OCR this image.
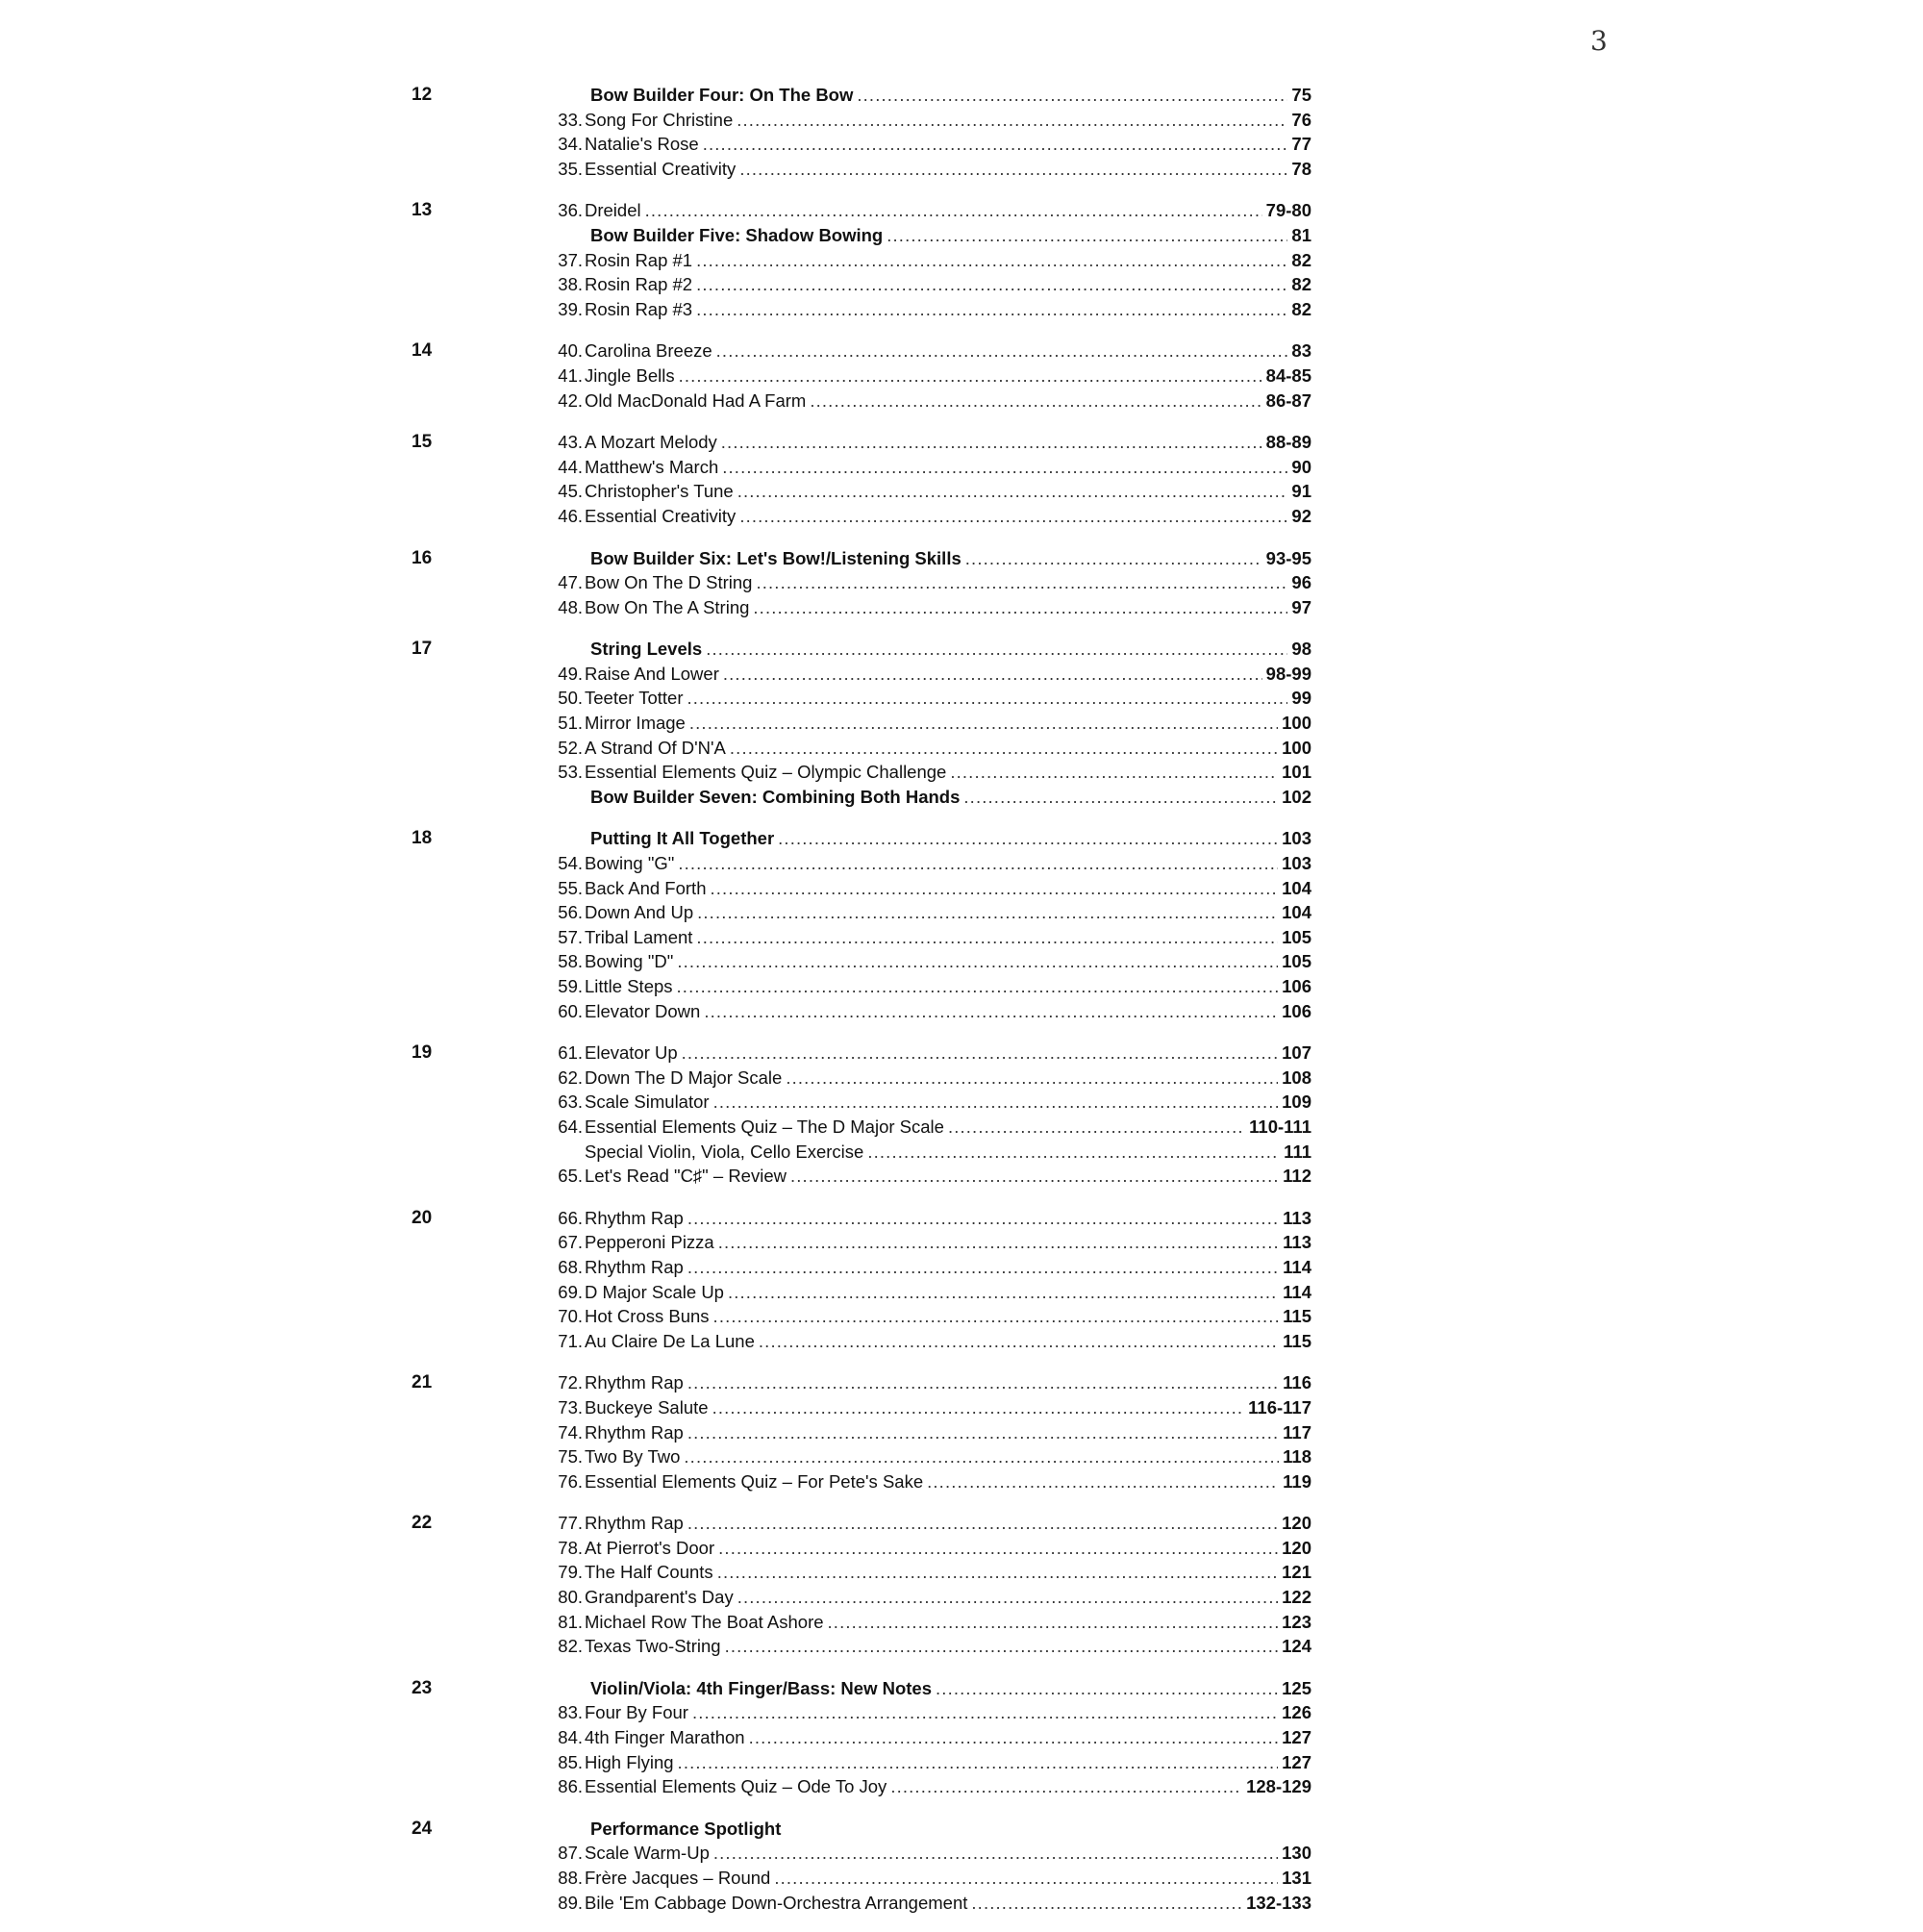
3
12	Bow Builder Four: On The Bow . . .	75
33. Song For Christine . . .	76
34. Natalie's Rose . . .	77
35. Essential Creativity . . .	78
13	36. Dreidel . . .	79-80
Bow Builder Five: Shadow Bowing . . .	81
37. Rosin Rap #1 . . .	82
38. Rosin Rap #2 . . .	82
39. Rosin Rap #3 . . .	82
14	40. Carolina Breeze . . .	83
41. Jingle Bells . . .	84-85
42. Old MacDonald Had A Farm . . .	86-87
15	43. A Mozart Melody . . .	88-89
44. Matthew's March . . .	90
45. Christopher's Tune . . .	91
46. Essential Creativity . . .	92
16	Bow Builder Six: Let's Bow!/Listening Skills . . .	93-95
47. Bow On The D String . . .	96
48. Bow On The A String . . .	97
17	String Levels . . .	98
49. Raise And Lower . . .	98-99
50. Teeter Totter . . .	99
51. Mirror Image . . .	100
52. A Strand Of D'N'A . . .	100
53. Essential Elements Quiz – Olympic Challenge . . .	101
Bow Builder Seven: Combining Both Hands . . .	102
18	Putting It All Together . . .	103
54. Bowing "G" . . .	103
55. Back And Forth . . .	104
56. Down And Up . . .	104
57. Tribal Lament . . .	105
58. Bowing "D" . . .	105
59. Little Steps . . .	106
60. Elevator Down . . .	106
19	61. Elevator Up . . .	107
62. Down The D Major Scale . . .	108
63. Scale Simulator . . .	109
64. Essential Elements Quiz – The D Major Scale . . .	110-111
Special Violin, Viola, Cello Exercise . . .	111
65. Let's Read "C♯" – Review . . .	112
20	66. Rhythm Rap . . .	113
67. Pepperoni Pizza . . .	113
68. Rhythm Rap . . .	114
69. D Major Scale Up . . .	114
70. Hot Cross Buns . . .	115
71. Au Claire De La Lune . . .	115
21	72. Rhythm Rap . . .	116
73. Buckeye Salute . . .	116-117
74. Rhythm Rap . . .	117
75. Two By Two . . .	118
76. Essential Elements Quiz – For Pete's Sake . . .	119
22	77. Rhythm Rap . . .	120
78. At Pierrot's Door . . .	120
79. The Half Counts . . .	121
80. Grandparent's Day . . .	122
81. Michael Row The Boat Ashore . . .	123
82. Texas Two-String . . .	124
23	Violin/Viola: 4th Finger/Bass: New Notes . . .	125
83. Four By Four . . .	126
84. 4th Finger Marathon . . .	127
85. High Flying . . .	127
86. Essential Elements Quiz – Ode To Joy . . .	128-129
24	Performance Spotlight
87. Scale Warm-Up . . .	130
88. Frère Jacques – Round . . .	131
89. Bile 'Em Cabbage Down-Orchestra Arrangement . . .	132-133
